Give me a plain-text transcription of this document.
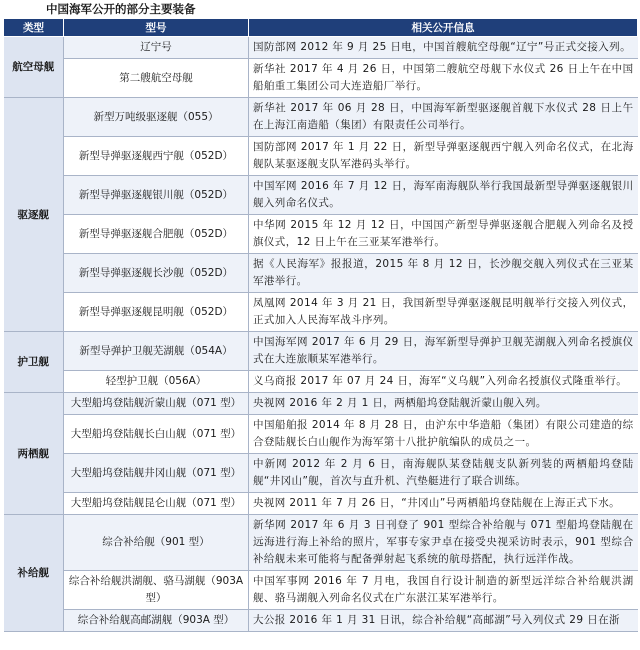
中国海军公开的部分主要装备
类型	型号	相关公开信息
航空母舰	辽宁号	国防部网 2012 年 9 月 25 日电，中国首艘航空母舰“辽宁”号正式交接入列。
	第二艘航空母舰	新华社 2017 年 4 月 26 日，中国第二艘航空母舰下水仪式 26 日上午在中国船舶重工集团公司大连造船厂举行。
驱逐舰	新型万吨级驱逐舰（055）	新华社 2017 年 06 月 28 日，中国海军新型驱逐舰首舰下水仪式 28 日上午在上海江南造船（集团）有限责任公司举行。
	新型导弹驱逐舰西宁舰（052D）	国防部网 2017 年 1 月 22 日，新型导弹驱逐舰西宁舰入列命名仪式，在北海舰队某驱逐舰支队军港码头举行。
	新型导弹驱逐舰银川舰（052D）	中国军网 2016 年 7 月 12 日，海军南海舰队举行我国最新型导弹驱逐舰银川舰入列命名仪式。
	新型导弹驱逐舰合肥舰（052D）	中华网 2015 年 12 月 12 日，中国国产新型导弹驱逐舰合肥舰入列命名及授旗仪式，12 日上午在三亚某军港举行。
	新型导弹驱逐舰长沙舰（052D）	据《人民海军》报报道，2015 年 8 月 12 日，长沙舰交舰入列仪式在三亚某军港举行。
	新型导弹驱逐舰昆明舰（052D）	凤凰网 2014 年 3 月 21 日，我国新型导弹驱逐舰昆明舰举行交接入列仪式，正式加入人民海军战斗序列。
护卫舰	新型导弹护卫舰芜湖舰（054A）	中国海军网 2017 年 6 月 29 日，海军新型导弹护卫舰芜湖舰入列命名授旗仪式在大连旅顺某军港举行。
	轻型护卫舰（056A）	义乌商报 2017 年 07 月 24 日，海军“义乌舰”入列命名授旗仪式隆重举行。
两栖舰	大型船坞登陆舰沂蒙山舰（071 型）	央视网 2016 年 2 月 1 日，两栖船坞登陆舰沂蒙山舰入列。
	大型船坞登陆舰长白山舰（071 型）	中国船舶报 2014 年 8 月 28 日，由沪东中华造船（集团）有限公司建造的综合登陆舰长白山舰作为海军第十八批护航编队的成员之一。
	大型船坞登陆舰井冈山舰（071 型）	中新网 2012 年 2 月 6 日，南海舰队某登陆舰支队新列装的两栖船坞登陆舰“井冈山”舰，首次与直升机、汽垫艇进行了联合训练。
	大型船坞登陆舰昆仑山舰（071 型）	央视网 2011 年 7 月 26 日，“井冈山”号两栖船坞登陆舰在上海正式下水。
补给舰	综合补给舰（901 型）	新华网 2017 年 6 月 3 日刊登了 901 型综合补给舰与 071 型船坞登陆舰在远海进行海上补给的照片，军事专家尹卓在接受央视采访时表示，901 型综合补给舰未来可能将与配备弹射起飞系统的航母搭配，执行远洋作战。
	综合补给舰洪湖舰、骆马湖舰（903A 型）	中国军事网 2016 年 7 月电，我国自行设计制造的新型远洋综合补给舰洪湖舰、骆马湖舰入列命名仪式在广东湛江某军港举行。
	综合补给舰高邮湖舰（903A 型）	大公报 2016 年 1 月 31 日讯，综合补给舰“高邮湖”号入列仪式 29 日在浙
